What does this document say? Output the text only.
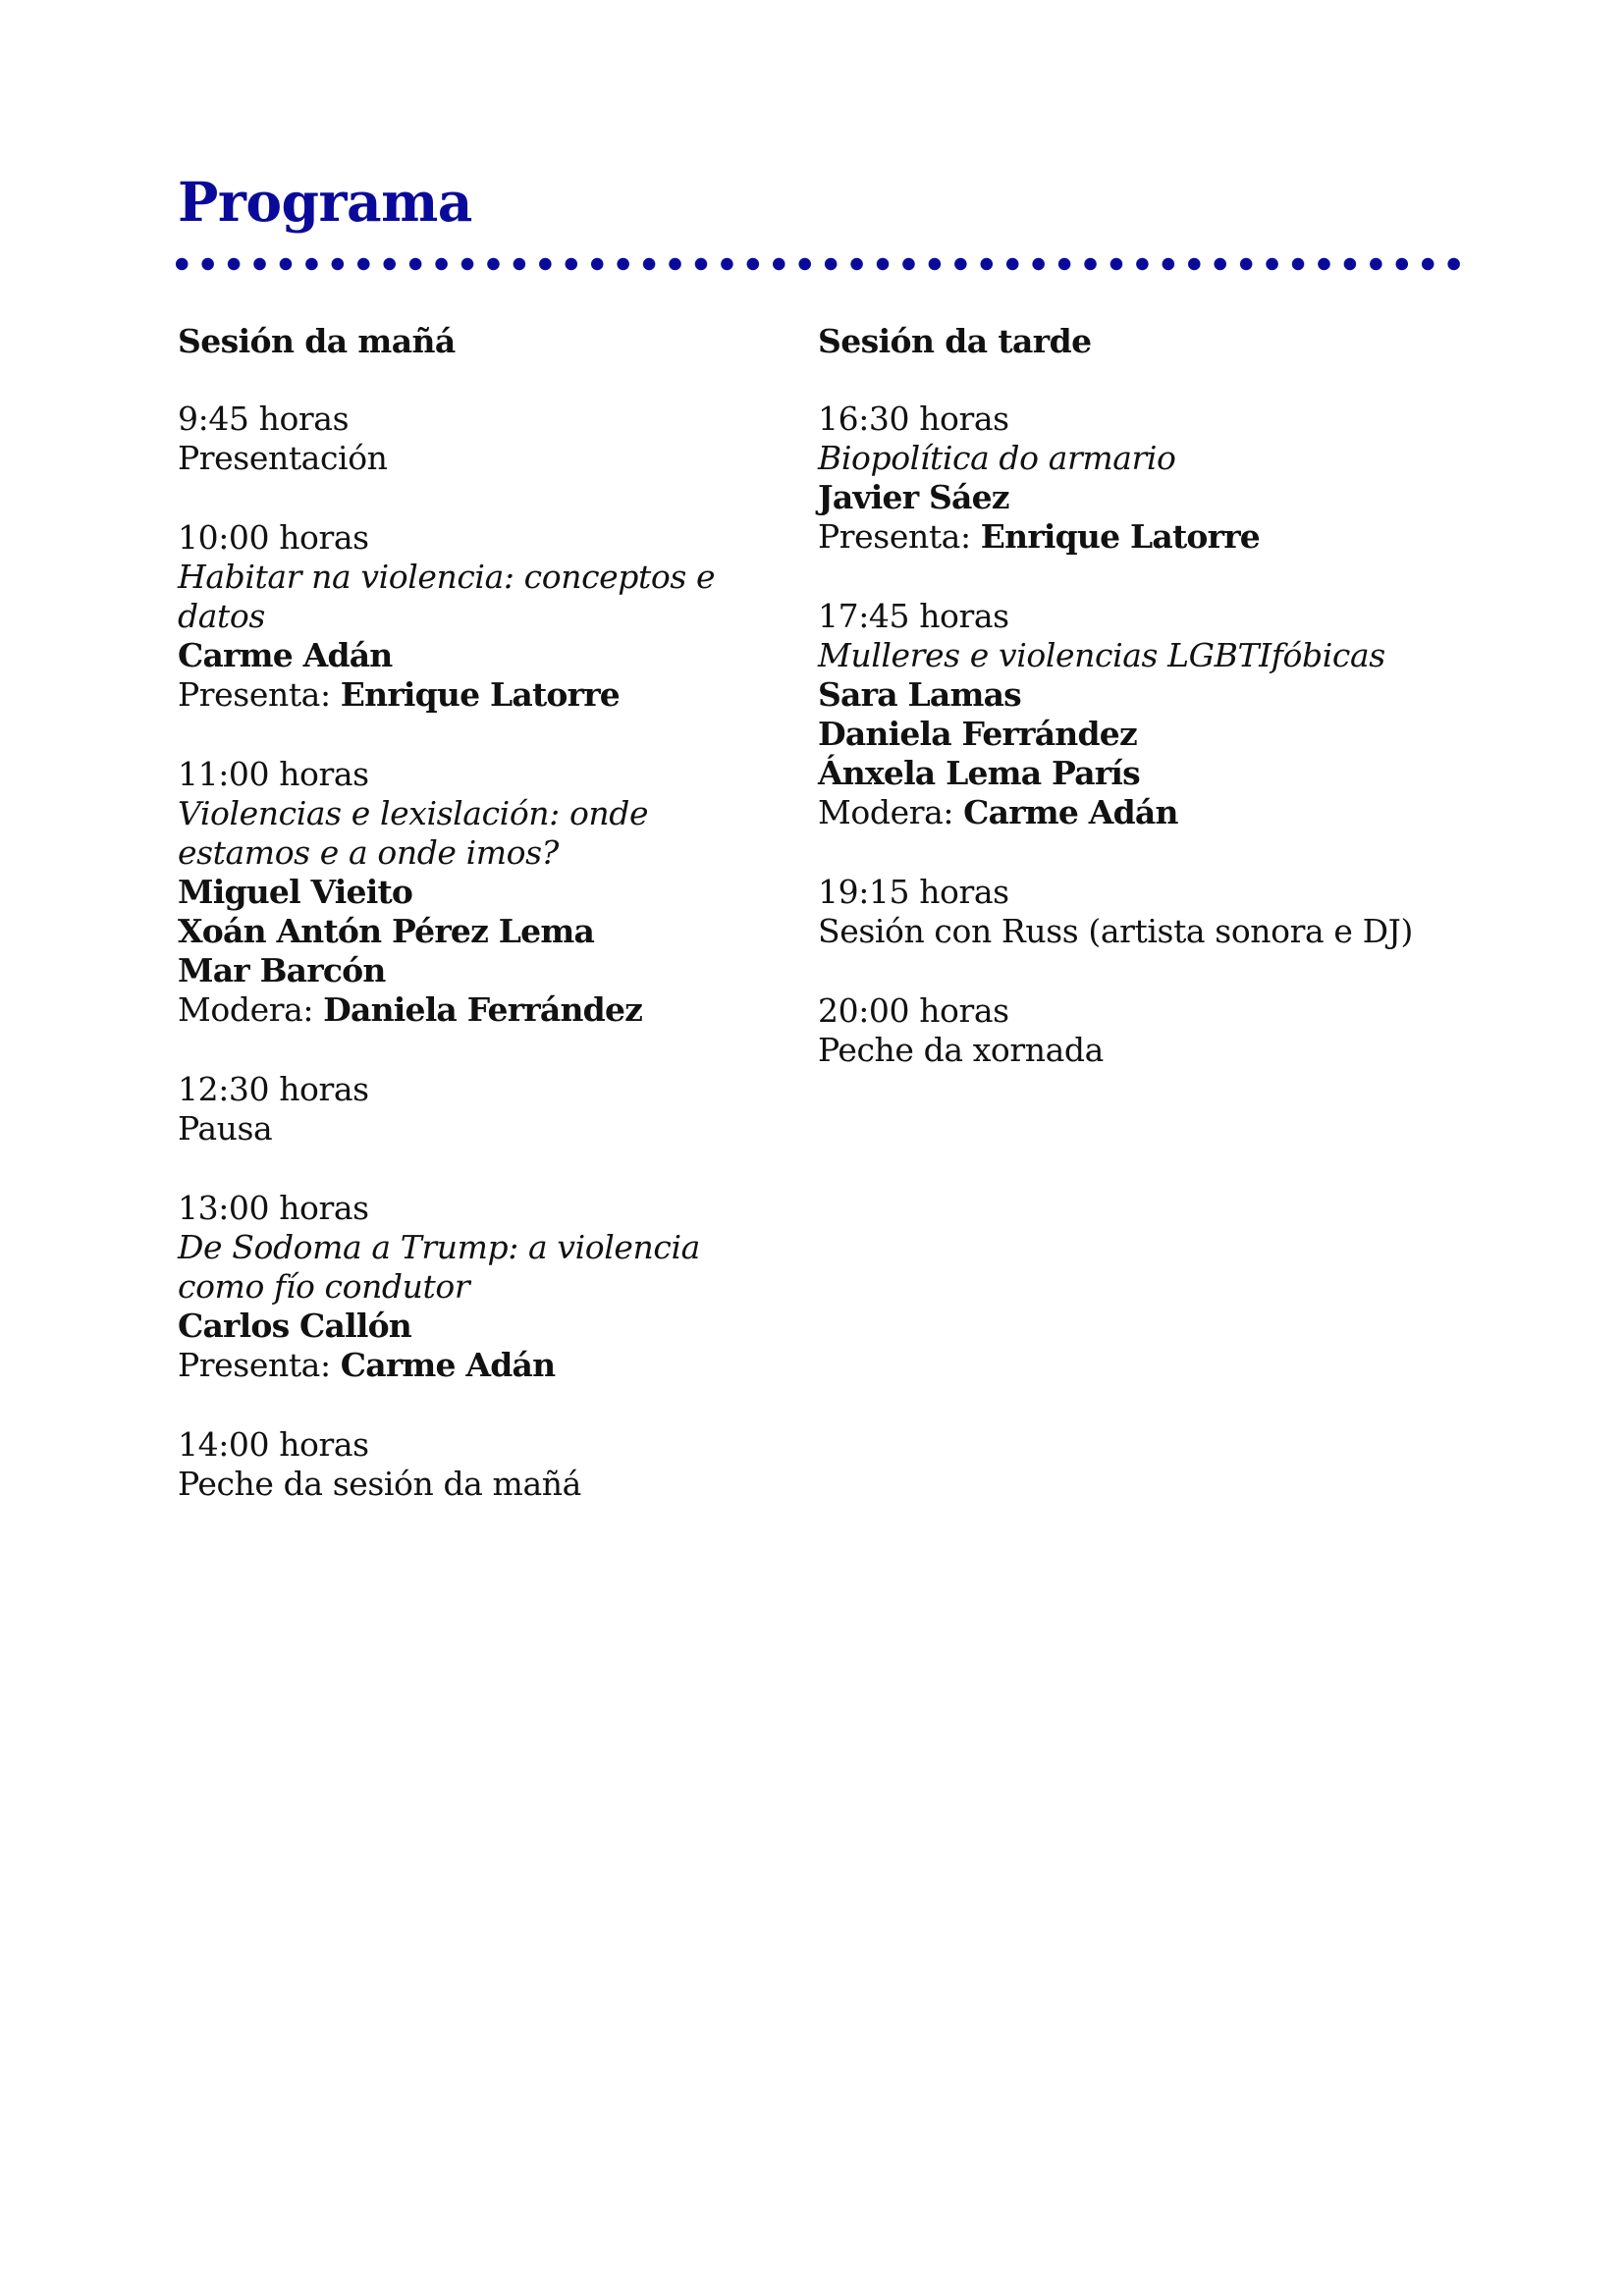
Programa
Sesión da mañá
9:45 horas
Presentación
10:00 horas
Habitar na violencia: conceptos e datos
Carme Adán
Presenta: Enrique Latorre
11:00 horas
Violencias e lexislación: onde estamos e a onde imos?
Miguel Vieito
Xoán Antón Pérez Lema
Mar Barcón
Modera: Daniela Ferrández
12:30 horas
Pausa
13:00 horas
De Sodoma a Trump: a violencia como fío condutor
Carlos Callón
Presenta: Carme Adán
14:00 horas
Peche da sesión da mañá
Sesión da tarde
16:30 horas
Biopolítica do armario
Javier Sáez
Presenta: Enrique Latorre
17:45 horas
Mulleres e violencias LGBTIfóbicas
Sara Lamas
Daniela Ferrández
Ánxela Lema París
Modera: Carme Adán
19:15 horas
Sesión con Russ (artista sonora e DJ)
20:00 horas
Peche da xornada
